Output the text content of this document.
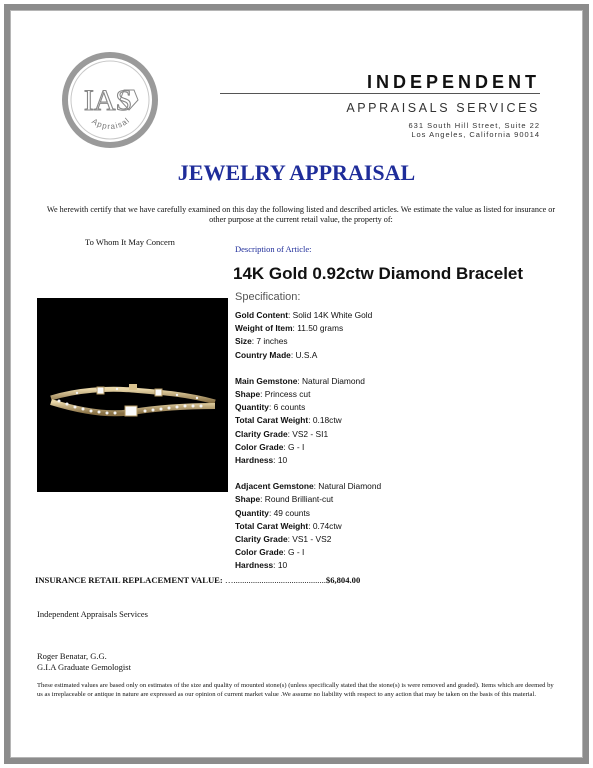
IAS
Appraisal
INDEPENDENT
APPRAISALS SERVICES
631 South Hill Street, Suite 22
Los Angeles, California 90014
JEWELRY APPRAISAL
We herewith certify that we have carefully examined on this day the following listed and described articles. We estimate the value as listed for insurance or other purpose at the current retail value, the property of:
To Whom It May Concern
Description of Article:
14K Gold 0.92ctw Diamond Bracelet
Specification:
Gold Content: Solid 14K White Gold
Weight of Item: 11.50 grams
Size: 7 inches
Country Made: U.S.A
Main Gemstone: Natural Diamond
Shape: Princess cut
Quantity: 6 counts
Total Carat Weight: 0.18ctw
Clarity Grade: VS2 - SI1
Color Grade: G - I
Hardness: 10
Adjacent Gemstone: Natural Diamond
Shape: Round Brilliant-cut
Quantity: 49 counts
Total Carat Weight: 0.74ctw
Clarity Grade: VS1 - VS2
Color Grade: G - I
Hardness: 10
INSURANCE RETAIL REPLACEMENT VALUE: …...........................................$6,804.00
Independent Appraisals Services
Roger Benatar, G.G.
G.I.A Graduate Gemologist
These estimated values are based only on estimates of the size and quality of mounted stone(s) (unless specifically stated that the stone(s) is were removed and graded). Items which are deemed by us as irreplaceable or antique in nature are expressed as our opinion of current market value .We assume no liability with respect to any action that may be taken on the basis of this material.
